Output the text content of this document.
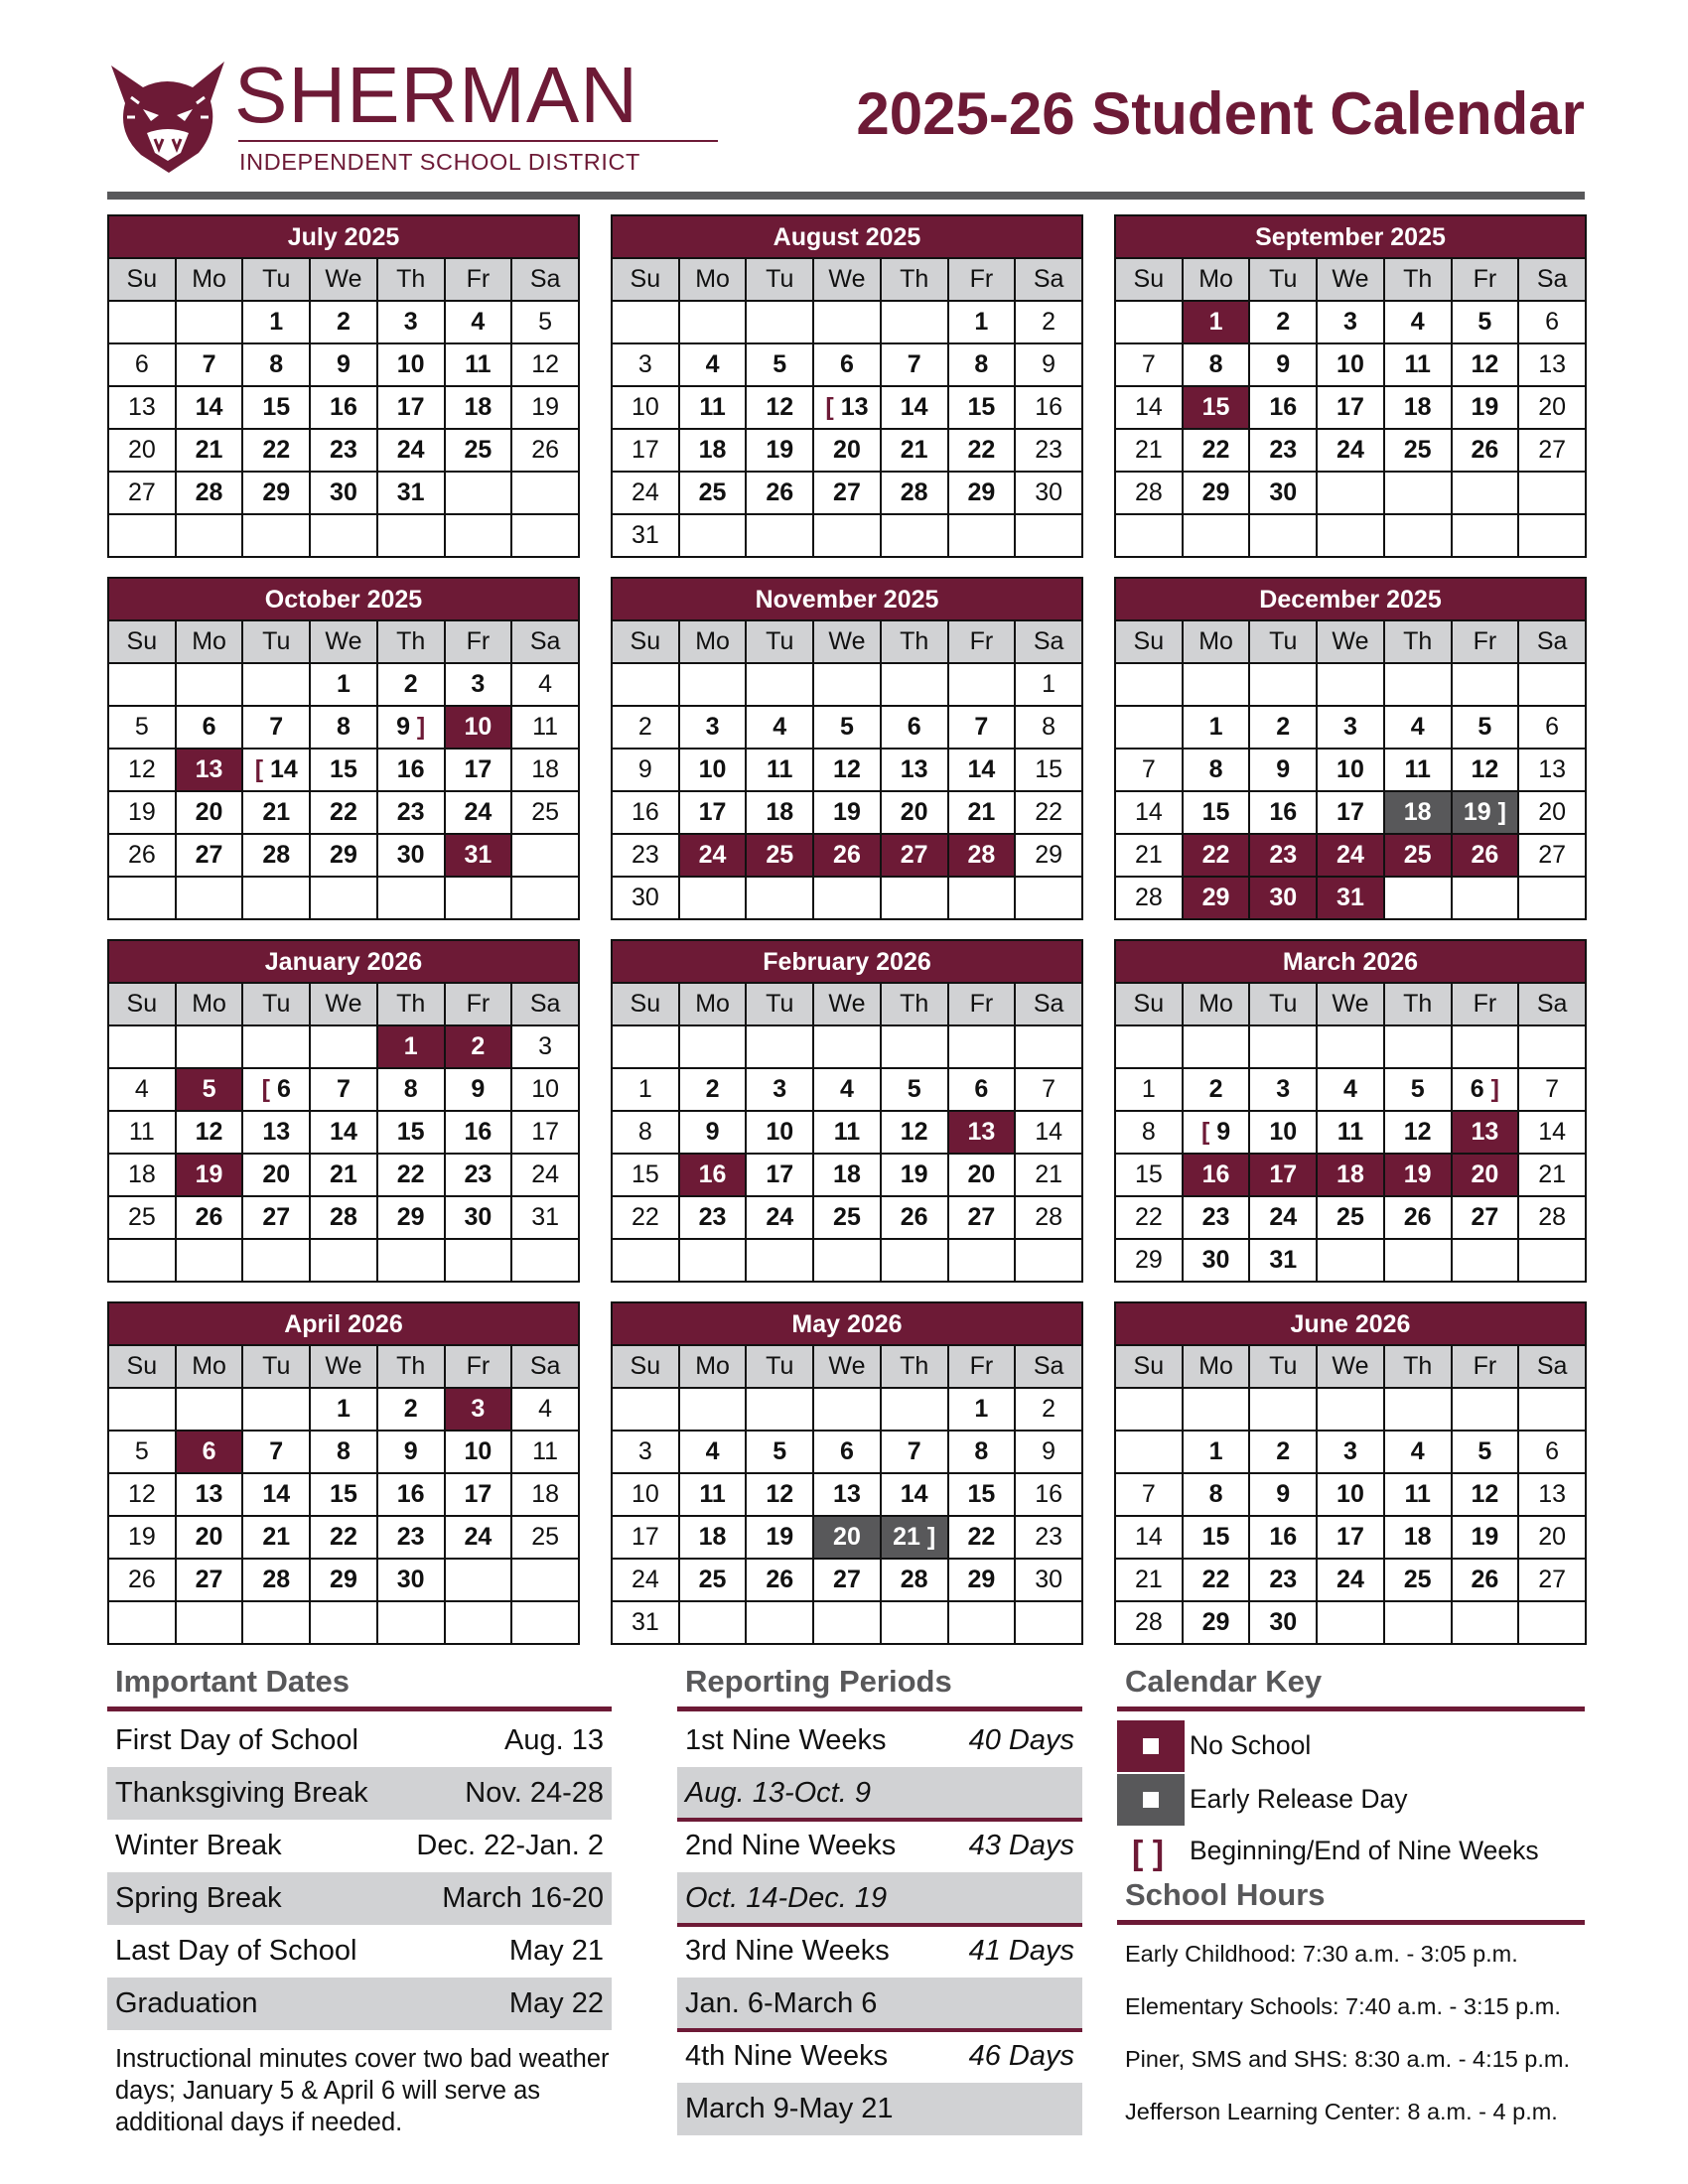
SHERMAN
INDEPENDENT SCHOOL DISTRICT
2025-26 Student Calendar
July 2025
Su	Mo	Tu	We	Th	Fr	Sa
		1	2	3	4	5
6	7	8	9	10	11	12
13	14	15	16	17	18	19
20	21	22	23	24	25	26
27	28	29	30	31		

August 2025
Su	Mo	Tu	We	Th	Fr	Sa
					1	2
3	4	5	6	7	8	9
10	11	12	[ 13	14	15	16
17	18	19	20	21	22	23
24	25	26	27	28	29	30
31						
September 2025
Su	Mo	Tu	We	Th	Fr	Sa
	1	2	3	4	5	6
7	8	9	10	11	12	13
14	15	16	17	18	19	20
21	22	23	24	25	26	27
28	29	30				

October 2025
Su	Mo	Tu	We	Th	Fr	Sa
			1	2	3	4
5	6	7	8	9 ]	10	11
12	13	[ 14	15	16	17	18
19	20	21	22	23	24	25
26	27	28	29	30	31	

November 2025
Su	Mo	Tu	We	Th	Fr	Sa
						1
2	3	4	5	6	7	8
9	10	11	12	13	14	15
16	17	18	19	20	21	22
23	24	25	26	27	28	29
30						
December 2025
Su	Mo	Tu	We	Th	Fr	Sa

	1	2	3	4	5	6
7	8	9	10	11	12	13
14	15	16	17	18	19 ]	20
21	22	23	24	25	26	27
28	29	30	31			
January 2026
Su	Mo	Tu	We	Th	Fr	Sa
				1	2	3
4	5	[ 6	7	8	9	10
11	12	13	14	15	16	17
18	19	20	21	22	23	24
25	26	27	28	29	30	31

February 2026
Su	Mo	Tu	We	Th	Fr	Sa

1	2	3	4	5	6	7
8	9	10	11	12	13	14
15	16	17	18	19	20	21
22	23	24	25	26	27	28

March 2026
Su	Mo	Tu	We	Th	Fr	Sa

1	2	3	4	5	6 ]	7
8	[ 9	10	11	12	13	14
15	16	17	18	19	20	21
22	23	24	25	26	27	28
29	30	31				
April 2026
Su	Mo	Tu	We	Th	Fr	Sa
			1	2	3	4
5	6	7	8	9	10	11
12	13	14	15	16	17	18
19	20	21	22	23	24	25
26	27	28	29	30		

May 2026
Su	Mo	Tu	We	Th	Fr	Sa
					1	2
3	4	5	6	7	8	9
10	11	12	13	14	15	16
17	18	19	20	21 ]	22	23
24	25	26	27	28	29	30
31						
June 2026
Su	Mo	Tu	We	Th	Fr	Sa

	1	2	3	4	5	6
7	8	9	10	11	12	13
14	15	16	17	18	19	20
21	22	23	24	25	26	27
28	29	30				
Important Dates
First Day of School	Aug. 13
Thanksgiving Break	Nov. 24-28
Winter Break	Dec. 22-Jan. 2
Spring Break	March 16-20
Last Day of School	May 21
Graduation	May 22
Instructional minutes cover two bad weather days; January 5 & April 6 will serve as additional days if needed.
Reporting Periods
1st Nine Weeks	40 Days
Aug. 13-Oct. 9
2nd Nine Weeks	43 Days
Oct. 14-Dec. 19
3rd Nine Weeks	41 Days
Jan. 6-March 6
4th Nine Weeks	46 Days
March 9-May 21
Calendar Key
No School
Early Release Day
[ ] Beginning/End of Nine Weeks
School Hours
Early Childhood: 7:30 a.m. - 3:05 p.m.
Elementary Schools: 7:40 a.m. - 3:15 p.m.
Piner, SMS and SHS: 8:30 a.m. - 4:15 p.m.
Jefferson Learning Center: 8 a.m. - 4 p.m.
